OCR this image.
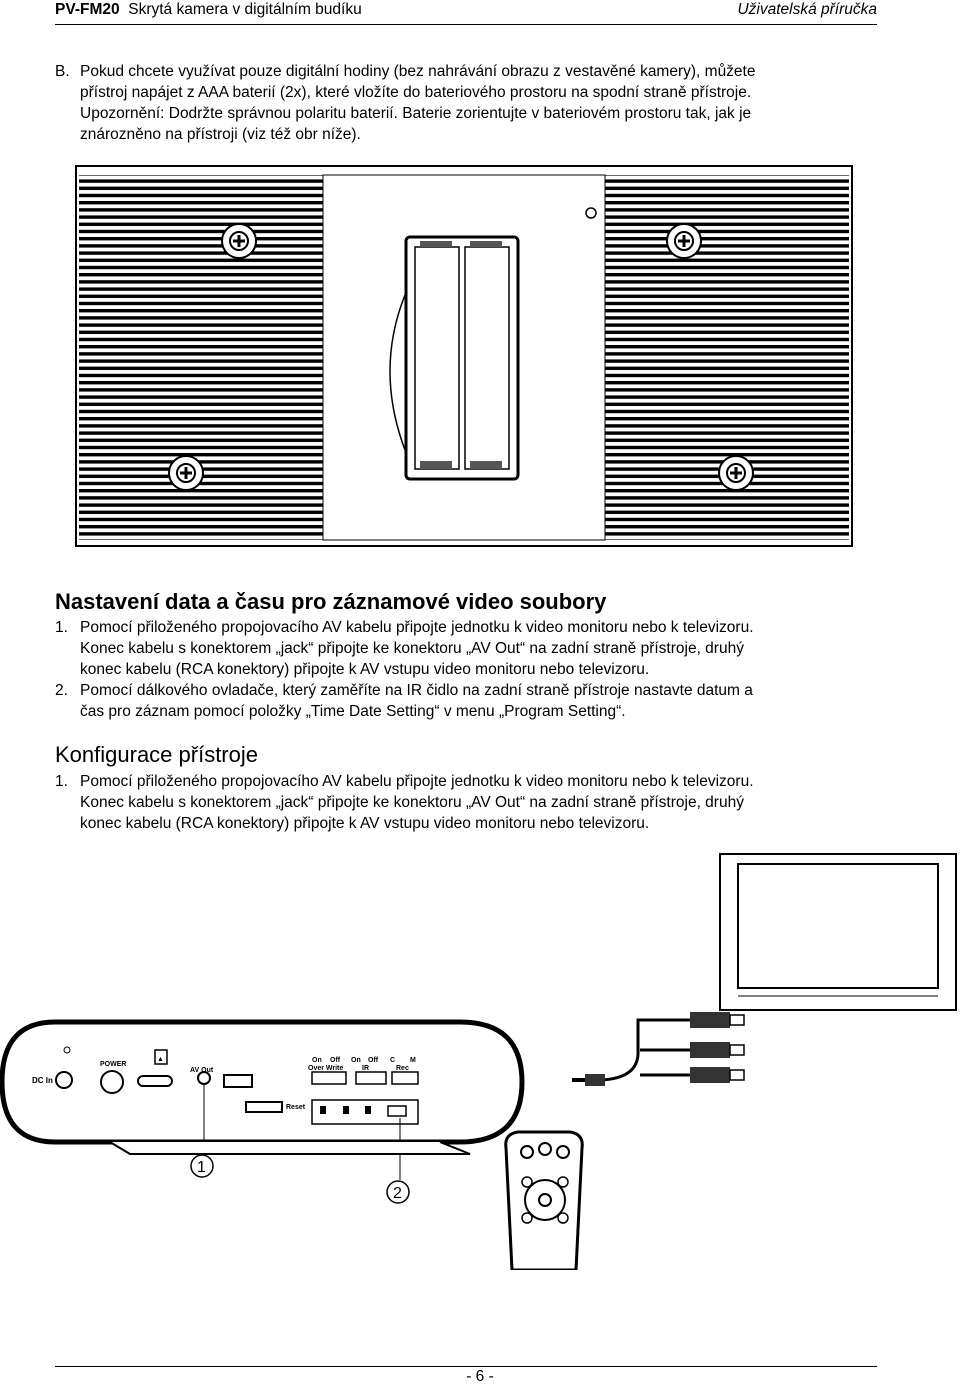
PV-FM20 Skrytá kamera v digitálním budíku	Uživatelská příručka
B. Pokud chcete využívat pouze digitální hodiny (bez nahrávání obrazu z vestavěné kamery), můžete
přístroj napájet z AAA baterií (2x), které vložíte do bateriového prostoru na spodní straně přístroje.
Upozornění: Dodržte správnou polaritu baterií. Baterie zorientujte v bateriovém prostoru tak, jak je
znározněno na přístroji (viz též obr níže).
Nastavení data a času pro záznamové video soubory
1. Pomocí přiloženého propojovacího AV kabelu připojte jednotku k video monitoru nebo k televizoru.
Konec kabelu s konektorem „jack“ připojte ke konektoru „AV Out“ na zadní straně přístroje, druhý
konec kabelu (RCA konektory) připojte k AV vstupu video monitoru nebo televizoru.
2. Pomocí dálkového ovladače, který zaměříte na IR čidlo na zadní straně přístroje nastavte datum a
čas pro záznam pomocí položky „Time Date Setting“ v menu „Program Setting“.
Konfigurace přístroje
1. Pomocí přiloženého propojovacího AV kabelu připojte jednotku k video monitoru nebo k televizoru.
Konec kabelu s konektorem „jack“ připojte ke konektoru „AV Out“ na zadní straně přístroje, druhý
konec kabelu (RCA konektory) připojte k AV vstupu video monitoru nebo televizoru.
DC In
POWER
▲
AV Out
Reset
On Off On Off C M
Over Write	IR	Rec
1
2
- 6 -
